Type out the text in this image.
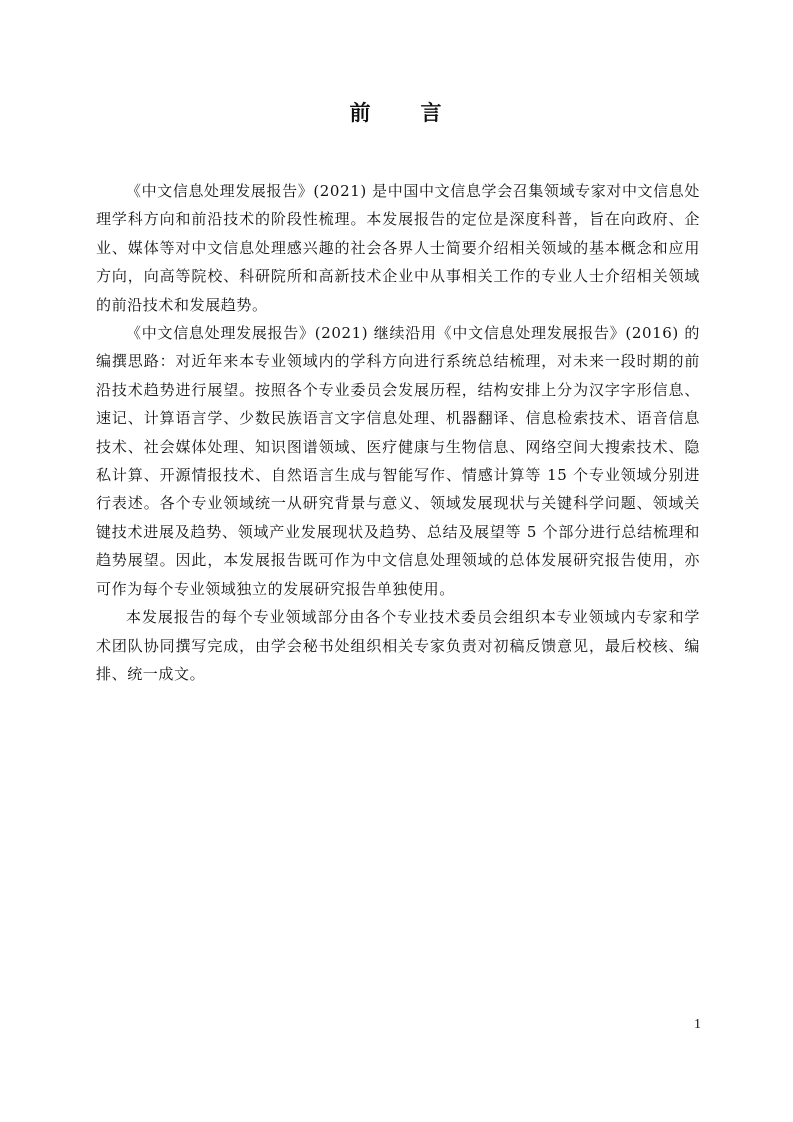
前 言

《中文信息处理发展报告》(2021) 是中国中文信息学会召集领域专家对中文信息处理学科方向和前沿技术的阶段性梳理。本发展报告的定位是深度科普，旨在向政府、企业、媒体等对中文信息处理感兴趣的社会各界人士简要介绍相关领域的基本概念和应用方向，向高等院校、科研院所和高新技术企业中从事相关工作的专业人士介绍相关领域的前沿技术和发展趋势。

《中文信息处理发展报告》(2021) 继续沿用《中文信息处理发展报告》(2016) 的编撰思路：对近年来本专业领域内的学科方向进行系统总结梳理，对未来一段时期的前沿技术趋势进行展望。按照各个专业委员会发展历程，结构安排上分为汉字字形信息、速记、计算语言学、少数民族语言文字信息处理、机器翻译、信息检索技术、语音信息技术、社会媒体处理、知识图谱领域、医疗健康与生物信息、网络空间大搜索技术、隐私计算、开源情报技术、自然语言生成与智能写作、情感计算等 15 个专业领域分别进行表述。各个专业领域统一从研究背景与意义、领域发展现状与关键科学问题、领域关键技术进展及趋势、领域产业发展现状及趋势、总结及展望等 5 个部分进行总结梳理和趋势展望。因此，本发展报告既可作为中文信息处理领域的总体发展研究报告使用，亦可作为每个专业领域独立的发展研究报告单独使用。

本发展报告的每个专业领域部分由各个专业技术委员会组织本专业领域内专家和学术团队协同撰写完成，由学会秘书处组织相关专家负责对初稿反馈意见，最后校核、编排、统一成文。

1
